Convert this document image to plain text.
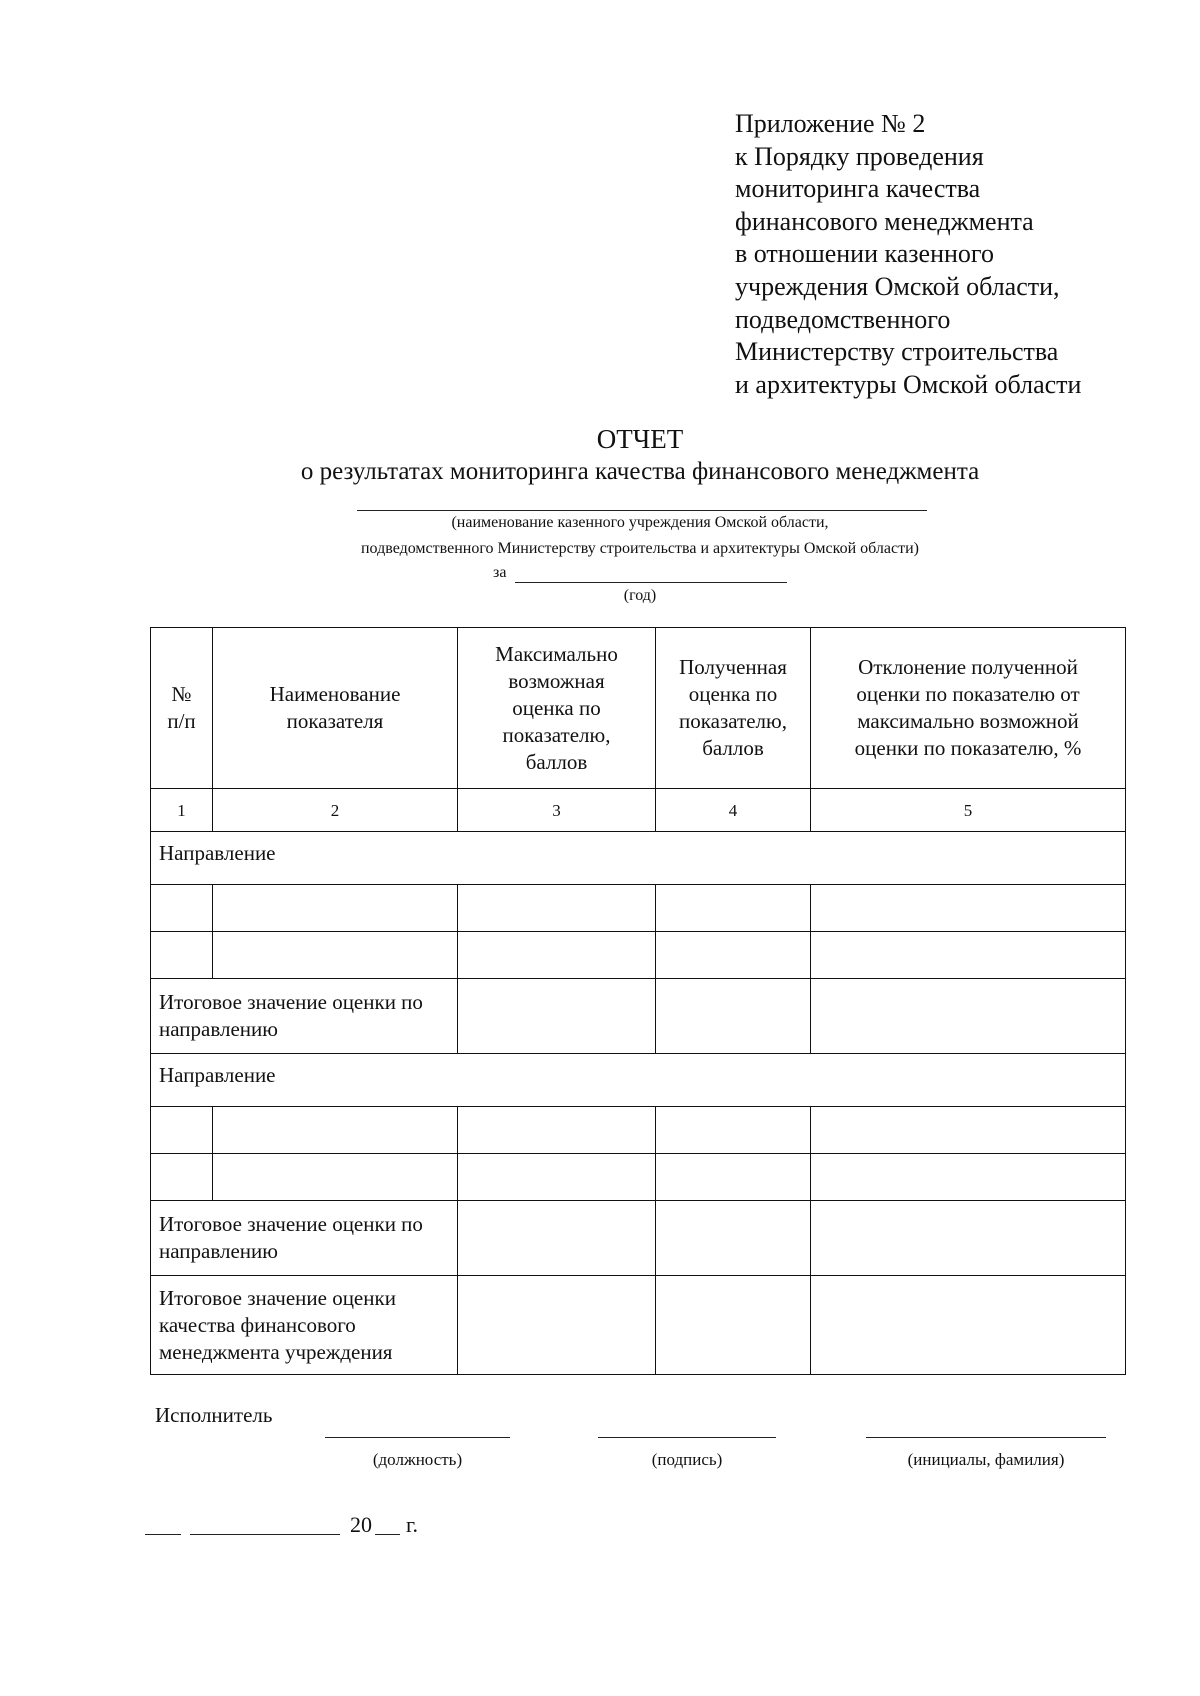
Приложение № 2
к Порядку проведения
мониторинга качества
финансового менеджмента
в отношении казенного
учреждения Омской области,
подведомственного
Министерству строительства
и архитектуры Омской области
ОТЧЕТ
о результатах мониторинга качества финансового менеджмента
(наименование казенного учреждения Омской области,
подведомственного Министерству строительства и архитектуры Омской области)
за
(год)
№ п/п	Наименование показателя	Максимально возможная оценка по показателю, баллов	Полученная оценка по показателю, баллов	Отклонение полученной оценки по показателю от максимально возможной оценки по показателю, %
1	2	3	4	5
Направление				

Итоговое значение оценки по направлению				
Направление				

Итоговое значение оценки по направлению				
Итоговое значение оценки качества финансового менеджмента учреждения				
Исполнитель
(должность)	(подпись)	(инициалы, фамилия)
20 г.
